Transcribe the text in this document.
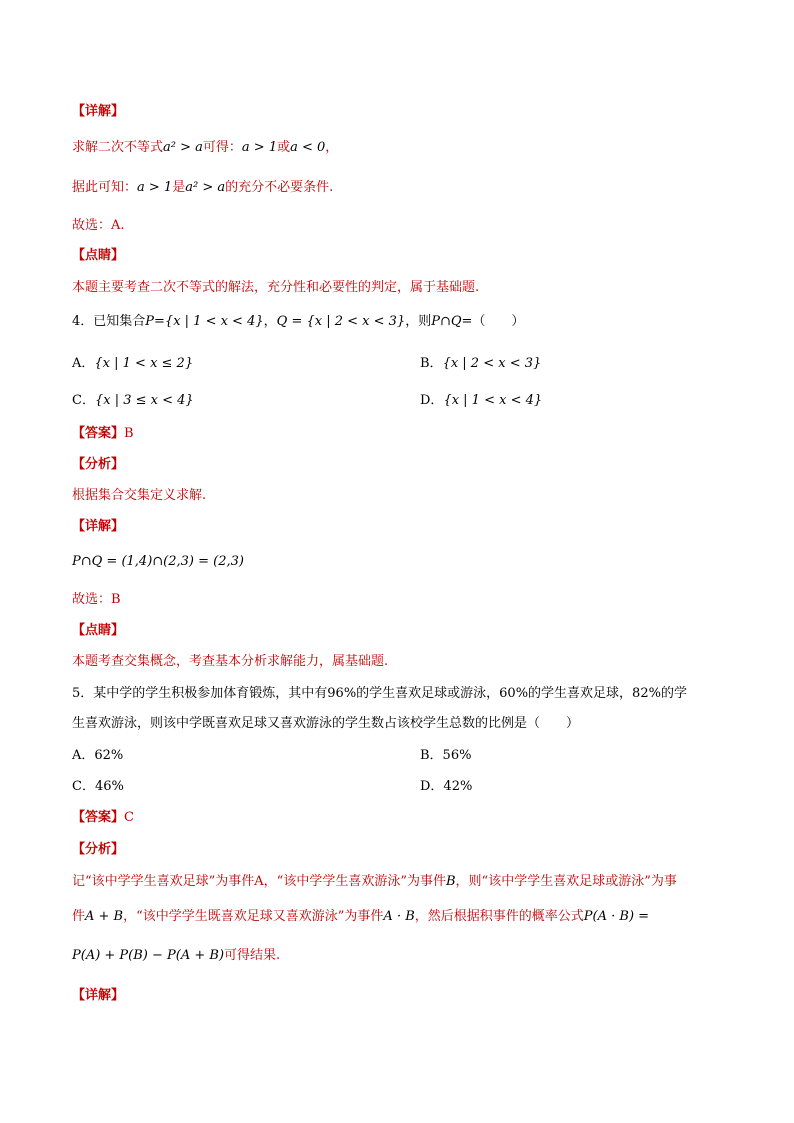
【详解】
求解二次不等式a² > a可得：a > 1或a < 0，
据此可知：a > 1是a² > a的充分不必要条件.
故选：A.
【点睛】
本题主要考查二次不等式的解法，充分性和必要性的判定，属于基础题.
4．已知集合P={x | 1 < x < 4}，Q = {x | 2 < x < 3}，则P∩Q=（　　）
A．{x | 1 < x ≤ 2}	B．{x | 2 < x < 3}
C．{x | 3 ≤ x < 4}	D．{x | 1 < x < 4}
【答案】B
【分析】
根据集合交集定义求解.
【详解】
P∩Q = (1,4)∩(2,3) = (2,3)
故选：B
【点睛】
本题考查交集概念，考查基本分析求解能力，属基础题.
5．某中学的学生积极参加体育锻炼，其中有96%的学生喜欢足球或游泳，60%的学生喜欢足球，82%的学
生喜欢游泳，则该中学既喜欢足球又喜欢游泳的学生数占该校学生总数的比例是（　　）
A．62%	B．56%
C．46%	D．42%
【答案】C
【分析】
记“该中学学生喜欢足球”为事件A，“该中学学生喜欢游泳”为事件B，则“该中学学生喜欢足球或游泳”为事
件A + B，“该中学学生既喜欢足球又喜欢游泳”为事件A · B，然后根据积事件的概率公式P(A · B) =
P(A) + P(B) − P(A + B)可得结果.
【详解】
